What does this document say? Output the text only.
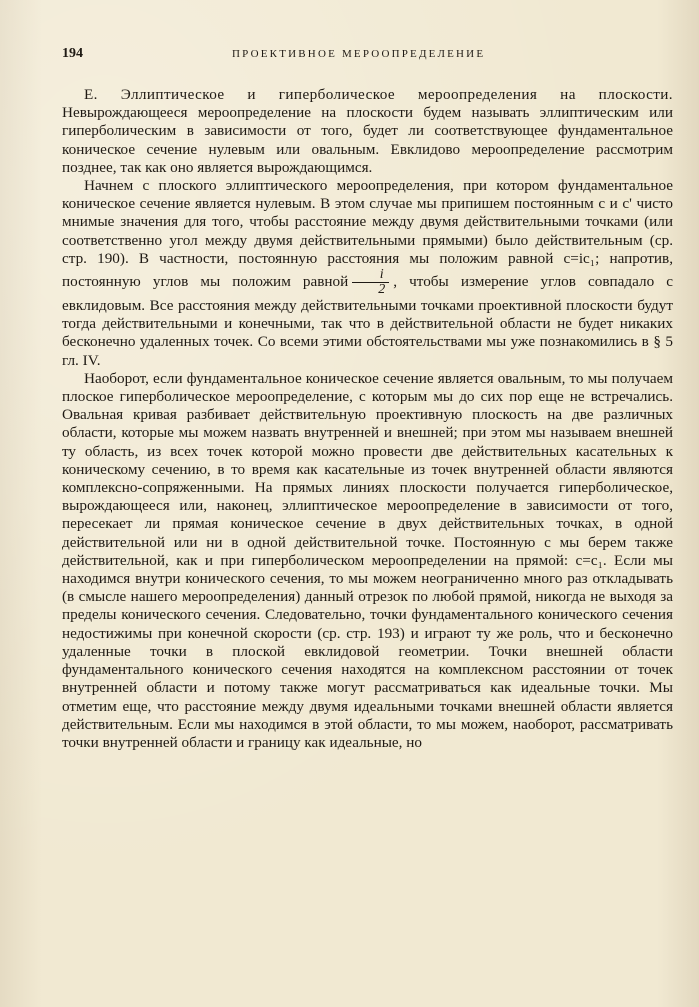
194	ПРОЕКТИВНОЕ МЕРООПРЕДЕЛЕНИЕ

Е. Эллиптическое и гиперболическое мероопределения на плоскости. Невырождающееся мероопределение на плоскости будем называть эллиптическим или гиперболическим в зависимости от того, будет ли соответствующее фундаментальное коническое сечение нулевым или овальным. Евклидово мероопределение рассмотрим позднее, так как оно является вырождающимся.

Начнем с плоского эллиптического мероопределения, при котором фундаментальное коническое сечение является нулевым. В этом случае мы припишем постоянным c и c' чисто мнимые значения для того, чтобы расстояние между двумя действительными точками (или соответственно угол между двумя действительными прямыми) было действительным (ср. стр. 190). В частности, постоянную расстояния мы положим равной c=ic₁; напротив, постоянную углов мы положим равной $\frac{i}{2}$ , чтобы измерение углов совпадало с евклидовым. Все расстояния между действительными точками проективной плоскости будут тогда действительными и конечными, так что в действительной области не будет никаких бесконечно удаленных точек. Со всеми этими обстоятельствами мы уже познакомились в § 5 гл. IV.

Наоборот, если фундаментальное коническое сечение является овальным, то мы получаем плоское гиперболическое мероопределение, с которым мы до сих пор еще не встречались. Овальная кривая разбивает действительную проективную плоскость на две различных области, которые мы можем назвать внутренней и внешней; при этом мы называем внешней ту область, из всех точек которой можно провести две действительных касательных к коническому сечению, в то время как касательные из точек внутренней области являются комплексно-сопряженными. На прямых линиях плоскости получается гиперболическое, вырождающееся или, наконец, эллиптическое мероопределение в зависимости от того, пересекает ли прямая коническое сечение в двух действительных точках, в одной действительной или ни в одной действительной точке. Постоянную c мы берем также действительной, как и при гиперболическом мероопределении на прямой: c=c₁. Если мы находимся внутри конического сечения, то мы можем неограниченно много раз откладывать (в смысле нашего мероопределения) данный отрезок по любой прямой, никогда не выходя за пределы конического сечения. Следовательно, точки фундаментального конического сечения недостижимы при конечной скорости (ср. стр. 193) и играют ту же роль, что и бесконечно удаленные точки в плоской евклидовой геометрии. Точки внешней области фундаментального конического сечения находятся на комплексном расстоянии от точек внутренней области и потому также могут рассматриваться как идеальные точки. Мы отметим еще, что расстояние между двумя идеальными точками внешней области является действительным. Если мы находимся в этой области, то мы можем, наоборот, рассматривать точки внутренней области и границу как идеальные, но
